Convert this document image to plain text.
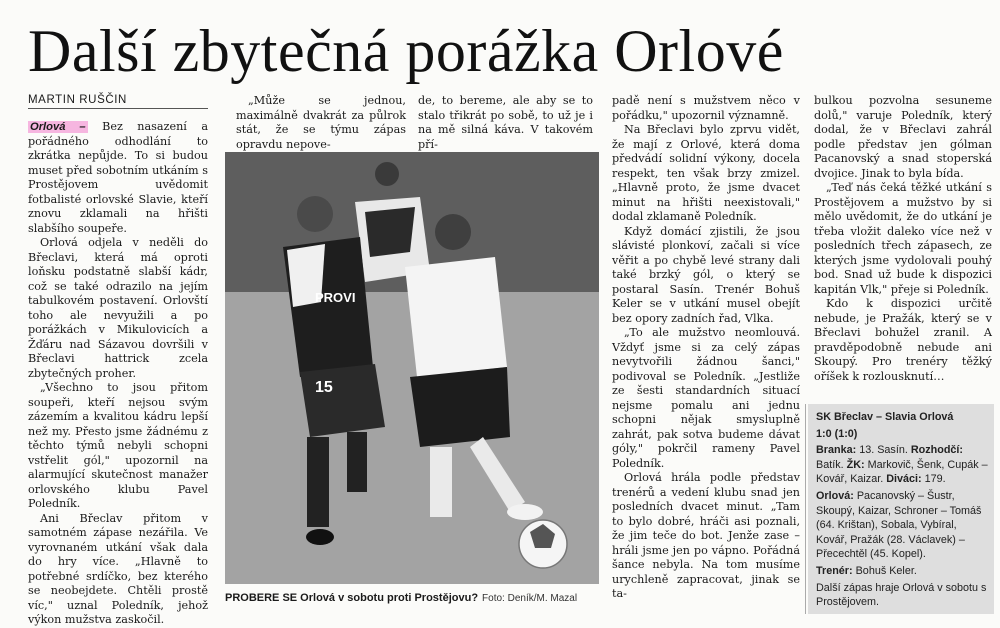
Další zbytečná porážka Orlové
MARTIN RUŠČIN

Orlová – Bez nasazení a pořádného odhodlání to zkrátka nepůjde. To si budou muset před sobotním utkáním s Prostějovem uvědomit fotbalisté orlovské Slavie, kteří znovu zklamali na hřišti slabšího soupeře.

Orlová odjela v neděli do Břeclavi, která má oproti loňsku podstatně slabší kádr, což se také odrazilo na jejím tabulkovém postavení. Orlovští toho ale nevyužili a po porážkách v Mikulovicích a Žďáru nad Sázavou dovršili v Břeclavi hattrick zcela zbytečných proher.

„Všechno to jsou přitom soupeři, kteří nejsou svým zázemím a kvalitou kádru lepší než my. Přesto jsme žádnému z těchto týmů nebyli schopni vstřelit gól," upozornil na alarmující skutečnost manažer orlovského klubu Pavel Poledník.

Ani Břeclav přitom v samotném zápase nezářila. Ve vyrovnaném utkání však dala do hry více. „Hlavně to potřebné srdíčko, bez kterého se neobejdete. Chtěli prostě víc," uznal Poledník, jehož výkon mužstva zaskočil.

„Může se jednou, maximálně dvakrát za půlrok stát, že se týmu zápas opravdu nepove-

de, to bereme, ale aby se to stalo třikrát po sobě, to už je i na mě silná káva. V takovém pří-

padě není s mužstvem něco v pořádku," upozornil významně.

Na Břeclavi bylo zprvu vidět, že mají z Orlové, která doma předvádí solidní výkony, docela respekt, ten však brzy zmizel. „Hlavně proto, že jsme dvacet minut na hřišti neexistovali," dodal zklamaně Poledník.

Když domácí zjistili, že jsou slávisté plonkoví, začali si více věřit a po chybě levé strany dali také brzký gól, o který se postaral Sasín. Trenér Bohuš Keler se v utkání musel obejít bez opory zadních řad, Vlka.

„To ale mužstvo neomlouvá. Vždyť jsme si za celý zápas nevytvořili žádnou šanci," podivoval se Poledník. „Jestliže ze šesti standardních situací nejsme pomalu ani jednu schopni nějak smysluplně zahrát, pak sotva budeme dávat góly," pokrčil rameny Pavel Poledník.

Orlová hrála podle představ trenérů a vedení klubu snad jen posledních dvacet minut. „Tam to bylo dobré, hráči asi poznali, že jim teče do bot. Jenže zase – hráli jsme jen po vápno. Pořádná šance nebyla. Na tom musíme urychleně zapracovat, jinak se ta-

bulkou pozvolna sesuneme dolů," varuje Poledník, který dodal, že v Břeclavi zahrál podle představ jen gólman Pacanovský a snad stoperská dvojice. Jinak to byla bída.

„Teď nás čeká těžké utkání s Prostějovem a mužstvo by si mělo uvědomit, že do utkání je třeba vložit daleko více než v posledních třech zápasech, ze kterých jsme vydolovali pouhý bod. Snad už bude k dispozici kapitán Vlk," přeje si Poledník.

Kdo k dispozici určitě nebude, je Pražák, který se v Břeclavi bohužel zranil. A pravděpodobně nebude ani Skoupý. Pro trenéry těžký oříšek k rozlousknutí…

PROVI
15
PROBERE SE Orlová v sobotu proti Prostějovu? Foto: Deník/M. Mazal

SK Břeclav – Slavia Orlová

1:0 (1:0)

Branka: 13. Sasín. Rozhodčí: Batík. ŽK: Markovič, Šenk, Cupák – Kovář, Kaizar. Diváci: 179.

Orlová: Pacanovský – Šustr, Skoupý, Kaizar, Schroner – Tomáš (64. Krištan), Sobala, Vybíral, Kovář, Pražák (28. Václavek) – Přecechtěl (45. Kopel).

Trenér: Bohuš Keler.

Další zápas hraje Orlová v sobotu s Prostějovem.
